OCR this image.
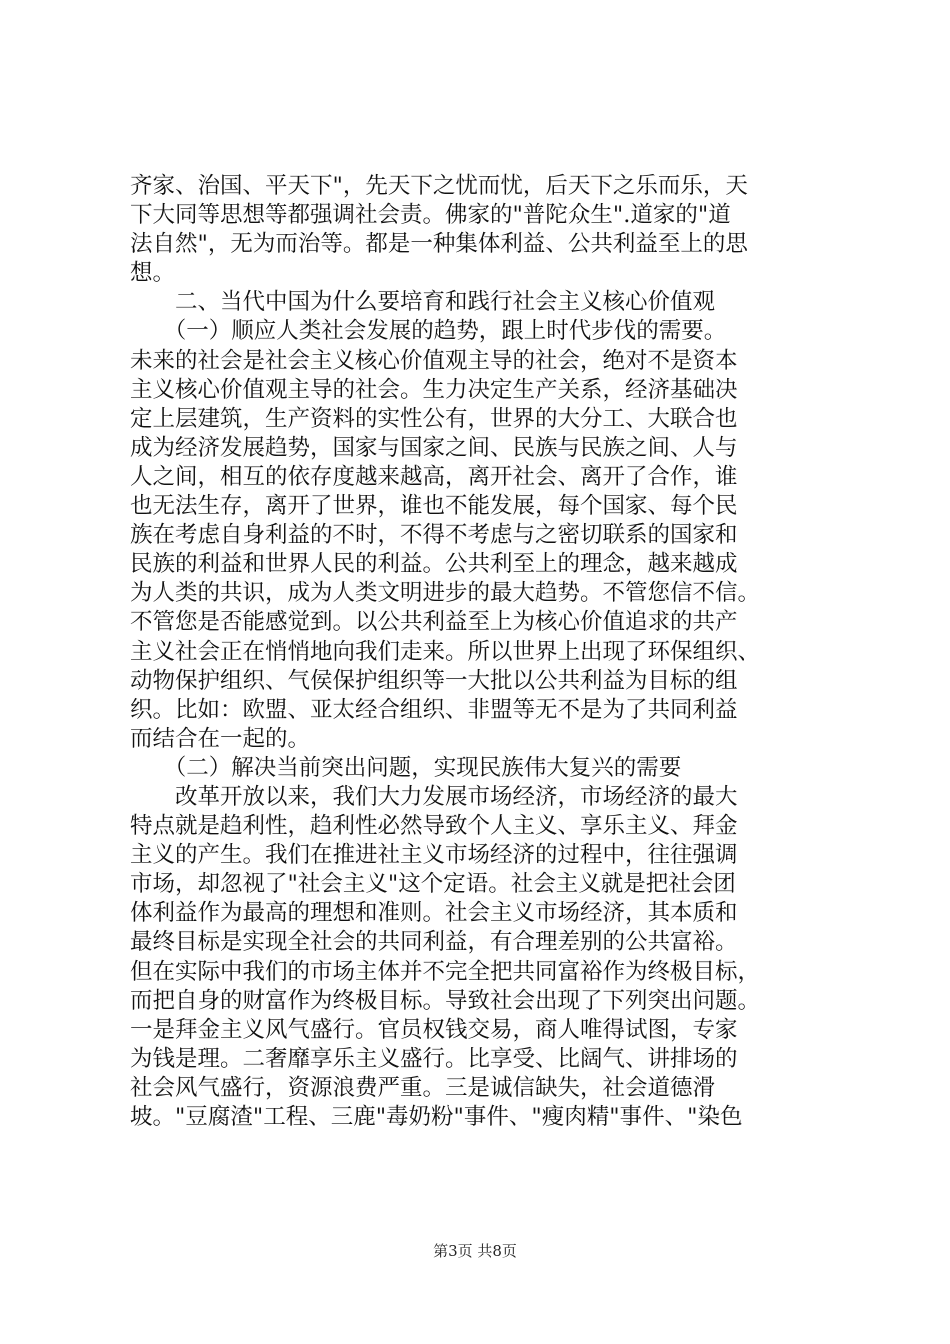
齐家、治国、平天下"，先天下之忧而忧，后天下之乐而乐，天
下大同等思想等都强调社会责。佛家的"普陀众生".道家的"道
法自然"，无为而治等。都是一种集体利益、公共利益至上的思
想。
　　二、当代中国为什么要培育和践行社会主义核心价值观
　　（一）顺应人类社会发展的趋势，跟上时代步伐的需要。
未来的社会是社会主义核心价值观主导的社会，绝对不是资本
主义核心价值观主导的社会。生力决定生产关系，经济基础决
定上层建筑，生产资料的实性公有，世界的大分工、大联合也
成为经济发展趋势，国家与国家之间、民族与民族之间、人与
人之间，相互的依存度越来越高，离开社会、离开了合作，谁
也无法生存，离开了世界，谁也不能发展，每个国家、每个民
族在考虑自身利益的不时，不得不考虑与之密切联系的国家和
民族的利益和世界人民的利益。公共利至上的理念，越来越成
为人类的共识，成为人类文明进步的最大趋势。不管您信不信。
不管您是否能感觉到。以公共利益至上为核心价值追求的共产
主义社会正在悄悄地向我们走来。所以世界上出现了环保组织、
动物保护组织、气侯保护组织等一大批以公共利益为目标的组
织。比如：欧盟、亚太经合组织、非盟等无不是为了共同利益
而结合在一起的。
　　（二）解决当前突出问题，实现民族伟大复兴的需要
　　改革开放以来，我们大力发展市场经济，市场经济的最大
特点就是趋利性，趋利性必然导致个人主义、享乐主义、拜金
主义的产生。我们在推进社主义市场经济的过程中，往往强调
市场，却忽视了"社会主义"这个定语。社会主义就是把社会团
体利益作为最高的理想和准则。社会主义市场经济，其本质和
最终目标是实现全社会的共同利益，有合理差别的公共富裕。
但在实际中我们的市场主体并不完全把共同富裕作为终极目标，
而把自身的财富作为终极目标。导致社会出现了下列突出问题。
一是拜金主义风气盛行。官员权钱交易，商人唯得试图，专家
为钱是理。二奢靡享乐主义盛行。比享受、比阔气、讲排场的
社会风气盛行，资源浪费严重。三是诚信缺失，社会道德滑
坡。"豆腐渣"工程、三鹿"毒奶粉"事件、"瘦肉精"事件、"染色
第3页 共8页
